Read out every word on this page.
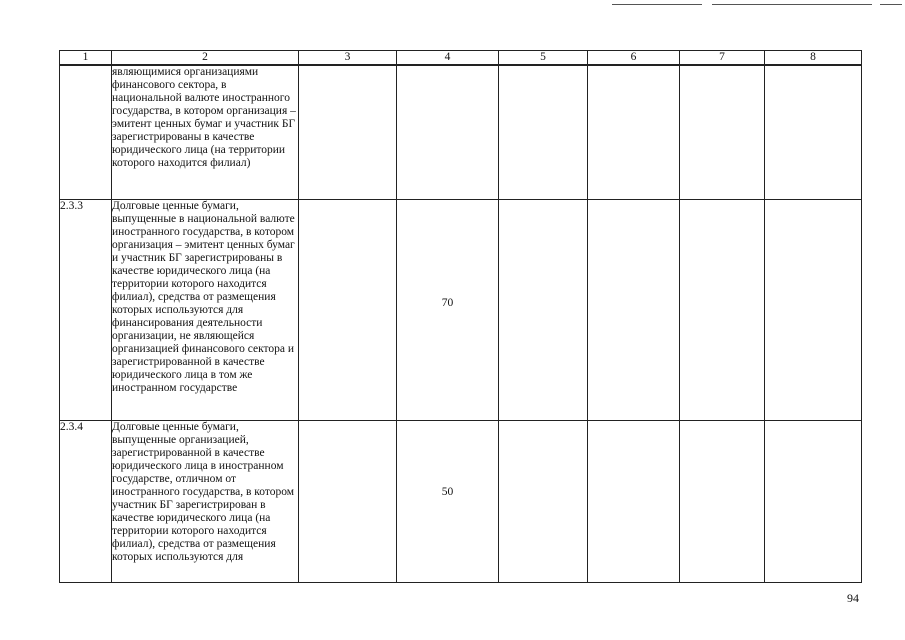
1	2	3	4	5	6	7	8
	являющимися организациями финансового сектора, в национальной валюте иностранного государства, в котором организация – эмитент ценных бумаг и участник БГ зарегистрированы в качестве юридического лица (на территории которого находится филиал)						
2.3.3	Долговые ценные бумаги, выпущенные в национальной валюте иностранного государства, в котором организация – эмитент ценных бумаг и участник БГ зарегистрированы в качестве юридического лица (на территории которого находится филиал), средства от размещения которых используются для финансирования деятельности организации, не являющейся организацией финансового сектора и зарегистрированной в качестве юридического лица в том же иностранном государстве		70				

2.3.4	Долговые ценные бумаги, выпущенные организацией, зарегистрированной в качестве юридического лица в иностранном государстве, отличном от иностранного государства, в котором участник БГ зарегистрирован в качестве юридического лица (на территории которого находится филиал), средства от размещения которых используются для		50				

94
